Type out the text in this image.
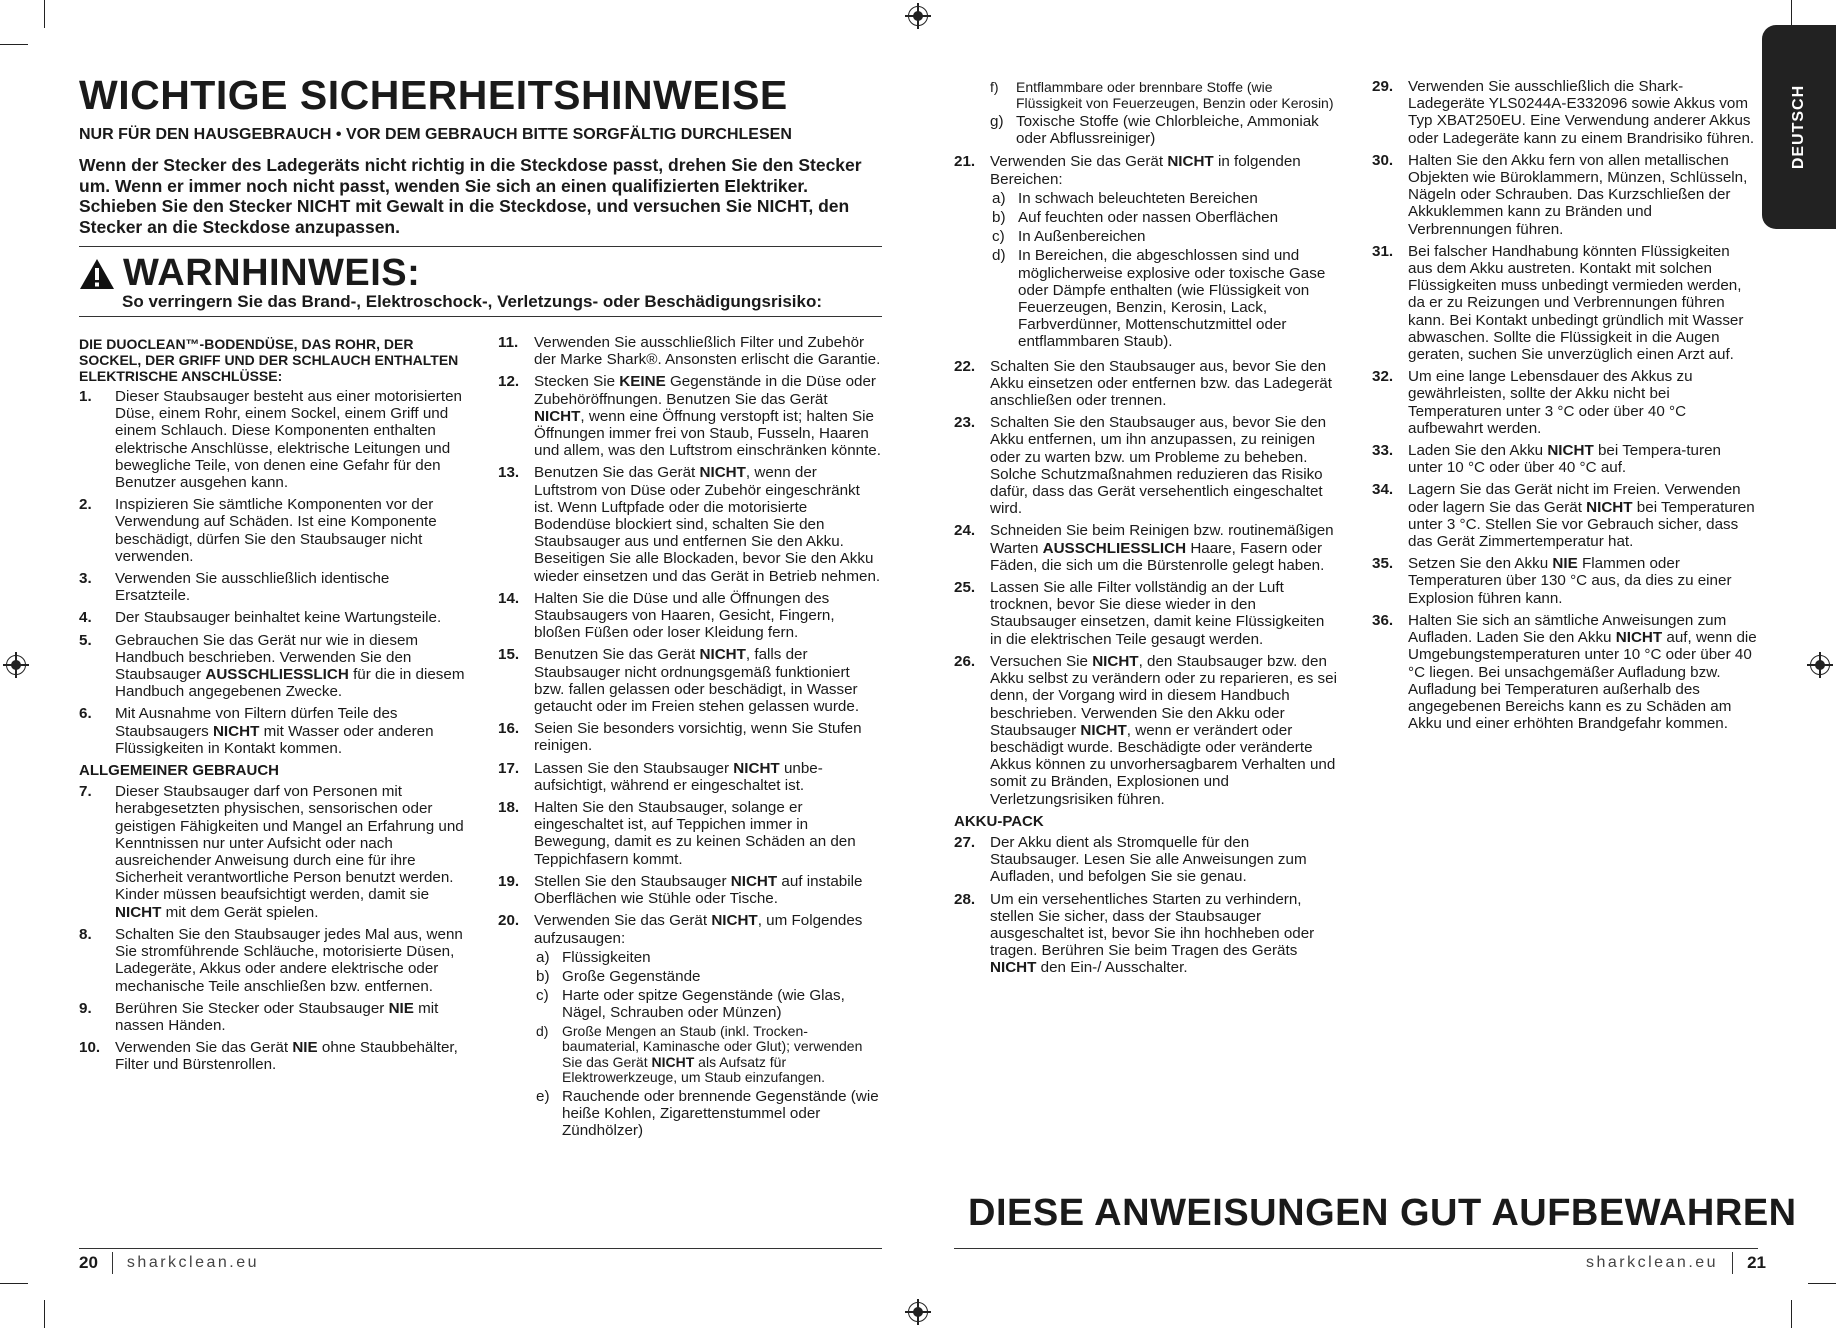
DEUTSCH
WICHTIGE SICHERHEITSHINWEISE
NUR FÜR DEN HAUSGEBRAUCH • VOR DEM GEBRAUCH BITTE SORGFÄLTIG DURCHLESEN
Wenn der Stecker des Ladegeräts nicht richtig in die Steckdose passt, drehen Sie den Stecker um. Wenn er immer noch nicht passt, wenden Sie sich an einen qualifizierten Elektriker. Schieben Sie den Stecker NICHT mit Gewalt in die Steckdose, und versuchen Sie NICHT, den Stecker an die Steckdose anzupassen.
WARNHINWEIS:
So verringern Sie das Brand-, Elektroschock-, Verletzungs- oder Beschädigungsrisiko:
DIE DUOCLEAN™-BODENDÜSE, DAS ROHR, DER SOCKEL, DER GRIFF UND DER SCHLAUCH ENTHALTEN ELEKTRISCHE ANSCHLÜSSE:
1.	Dieser Staubsauger besteht aus einer motorisierten Düse, einem Rohr, einem Sockel, einem Griff und einem Schlauch. Diese Komponenten enthalten elektrische Anschlüsse, elektrische Leitungen und bewegliche Teile, von denen eine Gefahr für den Benutzer ausgehen kann.
2.	Inspizieren Sie sämtliche Komponenten vor der Verwendung auf Schäden. Ist eine Komponente beschädigt, dürfen Sie den Staubsauger nicht verwenden.
3.	Verwenden Sie ausschließlich identische Ersatzteile.
4.	Der Staubsauger beinhaltet keine Wartungsteile.
5.	Gebrauchen Sie das Gerät nur wie in diesem Handbuch beschrieben. Verwenden Sie den Staubsauger AUSSCHLIESSLICH für die in diesem Handbuch angegebenen Zwecke.
6.	Mit Ausnahme von Filtern dürfen Teile des Staubsaugers NICHT mit Wasser oder anderen Flüssigkeiten in Kontakt kommen.
ALLGEMEINER GEBRAUCH
7.	Dieser Staubsauger darf von Personen mit herabgesetzten physischen, sensorischen oder geistigen Fähigkeiten und Mangel an Erfahrung und Kenntnissen nur unter Aufsicht oder nach ausreichender Anweisung durch eine für ihre Sicherheit verantwortliche Person benutzt werden. Kinder müssen beaufsichtigt werden, damit sie NICHT mit dem Gerät spielen.
8.	Schalten Sie den Staubsauger jedes Mal aus, wenn Sie stromführende Schläuche, motorisierte Düsen, Ladegeräte, Akkus oder andere elektrische oder mechanische Teile anschließen bzw. entfernen.
9.	Berühren Sie Stecker oder Staubsauger NIE mit nassen Händen.
10. Verwenden Sie das Gerät NIE ohne Staubbehälter, Filter und Bürstenrollen.
11.	Verwenden Sie ausschließlich Filter und Zubehör der Marke Shark®. Ansonsten erlischt die Garantie.
12. Stecken Sie KEINE Gegenstände in die Düse oder Zubehöröffnungen. Benutzen Sie das Gerät NICHT, wenn eine Öffnung verstopft ist; halten Sie Öffnungen immer frei von Staub, Fusseln, Haaren und allem, was den Luftstrom einschränken könnte.
13. Benutzen Sie das Gerät NICHT, wenn der Luftstrom von Düse oder Zubehör eingeschränkt ist. Wenn Luftpfade oder die motorisierte Bodendüse blockiert sind, schalten Sie den Staubsauger aus und entfernen Sie den Akku. Beseitigen Sie alle Blockaden, bevor Sie den Akku wieder einsetzen und das Gerät in Betrieb nehmen.
14. Halten Sie die Düse und alle Öffnungen des Staubsaugers von Haaren, Gesicht, Fingern, bloßen Füßen oder loser Kleidung fern.
15. Benutzen Sie das Gerät NICHT, falls der Staubsauger nicht ordnungsgemäß funktioniert bzw. fallen gelassen oder beschädigt, in Wasser getaucht oder im Freien stehen gelassen wurde.
16. Seien Sie besonders vorsichtig, wenn Sie Stufen reinigen.
17. Lassen Sie den Staubsauger NICHT unbe-aufsichtigt, während er eingeschaltet ist.
18. Halten Sie den Staubsauger, solange er eingeschaltet ist, auf Teppichen immer in Bewegung, damit es zu keinen Schäden an den Teppichfasern kommt.
19. Stellen Sie den Staubsauger NICHT auf instabile Oberflächen wie Stühle oder Tische.
20. Verwenden Sie das Gerät NICHT, um Folgendes aufzusaugen:
a) Flüssigkeiten
b) Große Gegenstände
c) Harte oder spitze Gegenstände (wie Glas, Nägel, Schrauben oder Münzen)
d) Große Mengen an Staub (inkl. Trocken-baumaterial, Kaminasche oder Glut); verwenden Sie das Gerät NICHT als Aufsatz für Elektrowerkzeuge, um Staub einzufangen.
e) Rauchende oder brennende Gegenstände (wie heiße Kohlen, Zigarettenstummel oder Zündhölzer)
f)	Entflammbare oder brennbare Stoffe (wie Flüssigkeit von Feuerzeugen, Benzin oder Kerosin)
g) Toxische Stoffe (wie Chlorbleiche, Ammoniak oder Abflussreiniger)
21. Verwenden Sie das Gerät NICHT in folgenden Bereichen:
a) In schwach beleuchteten Bereichen
b) Auf feuchten oder nassen Oberflächen
c) In Außenbereichen
d) In Bereichen, die abgeschlossen sind und möglicherweise explosive oder toxische Gase oder Dämpfe enthalten (wie Flüssigkeit von Feuerzeugen, Benzin, Kerosin, Lack, Farbverdünner, Mottenschutzmittel oder entflammbaren Staub).
22. Schalten Sie den Staubsauger aus, bevor Sie den Akku einsetzen oder entfernen bzw. das Ladegerät anschließen oder trennen.
23. Schalten Sie den Staubsauger aus, bevor Sie den Akku entfernen, um ihn anzupassen, zu reinigen oder zu warten bzw. um Probleme zu beheben. Solche Schutzmaßnahmen reduzieren das Risiko dafür, dass das Gerät versehentlich eingeschaltet wird.
24. Schneiden Sie beim Reinigen bzw. routinemäßigen Warten AUSSCHLIESSLICH Haare, Fasern oder Fäden, die sich um die Bürstenrolle gelegt haben.
25. Lassen Sie alle Filter vollständig an der Luft trocknen, bevor Sie diese wieder in den Staubsauger einsetzen, damit keine Flüssigkeiten in die elektrischen Teile gesaugt werden.
26. Versuchen Sie NICHT, den Staubsauger bzw. den Akku selbst zu verändern oder zu reparieren, es sei denn, der Vorgang wird in diesem Handbuch beschrieben. Verwenden Sie den Akku oder Staubsauger NICHT, wenn er verändert oder beschädigt wurde. Beschädigte oder veränderte Akkus können zu unvorhersagbarem Verhalten und somit zu Bränden, Explosionen und Verletzungsrisiken führen.
AKKU-PACK
27. Der Akku dient als Stromquelle für den Staubsauger. Lesen Sie alle Anweisungen zum Aufladen, und befolgen Sie sie genau.
28. Um ein versehentliches Starten zu verhindern, stellen Sie sicher, dass der Staubsauger ausgeschaltet ist, bevor Sie ihn hochheben oder tragen. Berühren Sie beim Tragen des Geräts NICHT den Ein-/ Ausschalter.
29. Verwenden Sie ausschließlich die Shark-Ladegeräte YLS0244A-E332096 sowie Akkus vom Typ XBAT250EU. Eine Verwendung anderer Akkus oder Ladegeräte kann zu einem Brandrisiko führen.
30. Halten Sie den Akku fern von allen metallischen Objekten wie Büroklammern, Münzen, Schlüsseln, Nägeln oder Schrauben. Das Kurzschließen der Akkuklemmen kann zu Bränden und Verbrennungen führen.
31. Bei falscher Handhabung könnten Flüssigkeiten aus dem Akku austreten. Kontakt mit solchen Flüssigkeiten muss unbedingt vermieden werden, da er zu Reizungen und Verbrennungen führen kann. Bei Kontakt unbedingt gründlich mit Wasser abwaschen. Sollte die Flüssigkeit in die Augen geraten, suchen Sie unverzüglich einen Arzt auf.
32. Um eine lange Lebensdauer des Akkus zu gewährleisten, sollte der Akku nicht bei Temperaturen unter 3 °C oder über 40 °C aufbewahrt werden.
33. Laden Sie den Akku NICHT bei Tempera-turen unter 10 °C oder über 40 °C auf.
34. Lagern Sie das Gerät nicht im Freien. Verwenden oder lagern Sie das Gerät NICHT bei Temperaturen unter 3 °C. Stellen Sie vor Gebrauch sicher, dass das Gerät Zimmertemperatur hat.
35. Setzen Sie den Akku NIE Flammen oder Temperaturen über 130 °C aus, da dies zu einer Explosion führen kann.
36. Halten Sie sich an sämtliche Anweisungen zum Aufladen. Laden Sie den Akku NICHT auf, wenn die Umgebungstemperaturen unter 10 °C oder über 40 °C liegen. Bei unsachgemäßer Aufladung bzw. Aufladung bei Temperaturen außerhalb des angegebenen Bereichs kann es zu Schäden am Akku und einer erhöhten Brandgefahr kommen.
DIESE ANWEISUNGEN GUT AUFBEWAHREN
20 sharkclean.eu	sharkclean.eu 21
